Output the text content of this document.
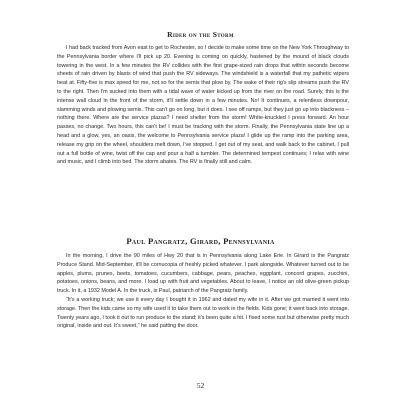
Rider on the Storm

I had back tracked from Avon east to get to Rochester, so I decide to make some time on the New York Throughway to the Pennsylvania border where I'll pick up 20. Evening is coming on quickly, hastened by the mound of black clouds towering in the west. In a few minutes the RV collides with the first grape-sized rain drops that within seconds become sheets of rain driven by blasts of wind that push the RV sideways. The windshield is a waterfall that my pathetic wipers beat at. Fifty-five is max speed for me, not so for the semis that plow by. The wake of their rig's slip streams push the RV to the right. Then I'm sucked into them with a tidal wave of water kicked up from the river on the road. Surely, this is the intense wall cloud in the front of the storm, it'll settle down in a few minutes. No! It continues, a relentless downpour, slamming winds and plowing semis. This can't go on long, but it does. I see off ramps, but they just go up into blackness – nothing there. Where are the service plazas? I need shelter from the storm! White-knuckled I press forward. An hour passes, no change. Two hours, this can't be! I must be tracking with the storm. Finally, the Pennsylvania state line up a head and a glow, yes, an oasis, the welcome to Pennsylvania service plaza! I glide up the ramp into the parking area, release my grip on the wheel, shoulders melt down, I've stopped. I get out of my seat, and walk back to the cabinet, I pull out a full bottle of wine, twist off the cap and pour a half a tumbler. The determined tempest continues; I relax with wine and music, and I climb into bed. The storm abates. The RV is finally still and calm.

Paul Pangratz, Girard, Pennsylvania

In the morning, I drive the 90 miles of Hwy 20 that is in Pennsylvania along Lake Erie. In Girard is the Pangratz Produce Stand. Mid-September, it'll be cornucopia of freshly picked whatever. I park alongside. Whatever turned out to be apples, plums, prunes, beets, tomatoes, cucumbers, cabbage, pears, peaches, eggplant, concord grapes, zucchini, potatoes, onions, beans, and more. I load up with fruit and vegetables. About to leave, I notice an old olive-green pickup truck. In it, a 1932 Model A. In the truck, is Paul, patriarch of the Pangratz family.

“It's a working truck; we use it every day I bought it in 1962 and dated my wife in it. After we got married it went into storage. Then the kids came so my wife used it to take them out to work in the fields. Kids gone; it went back into storage. Twenty years ago, I took it out to run produce to the stand; it's been quite a hit. I fixed some rust but otherwise pretty much original, inside and out. It's sweet,” he said patting the door.

52
